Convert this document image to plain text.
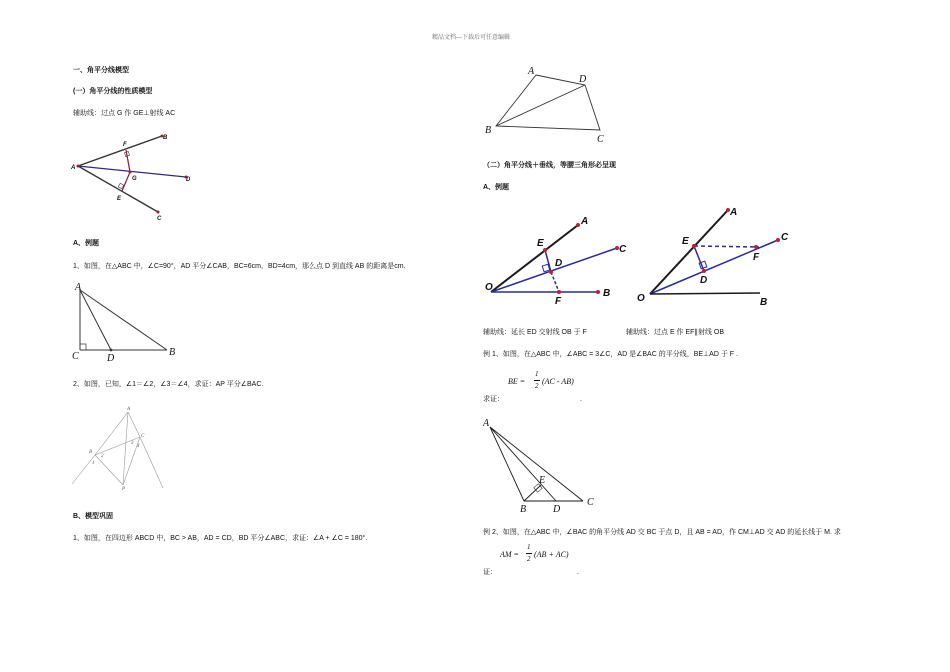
精品文档---下载后可任意编辑
一、角平分线模型
(一）角平分线的性质模型
辅助线：过点 G 作 GE⊥射线 AC
A
B
C
D
E
F
G
A、例题
1、如图，在△ABC 中，∠C=90°，AD 平分∠CAB，BC=6cm，BD=4cm，那么点 D 到直线 AB 的距离是cm.
A
C	D
B
2、如图，已知，∠1＝∠2，∠3＝∠4，求证：AP 平分∠BAC.
A
B
C
P
1
2
3
4
B、模型巩固
1、如图，在四边形 ABCD 中，BC > AB，AD = CD，BD 平分∠ABC，求证：∠A + ∠C = 180°.
A
D
C
B
（二）角平分线＋垂线，等腰三角形必呈现
A、例题
A
C
B
E
D
F
O
A
C
B
E
D
F
O
辅助线：延长 ED 交射线 OB 于 F	辅助线：过点 E 作 EF∥射线 OB
例 1、如图，在△ABC 中，∠ABC = 3∠C，AD 是∠BAC 的平分线，BE⊥AD 于 F .
BE =
1
2 (AC - AB)
求证：	.
A
B	D
C
E
例 2、如图，在△ABC 中，∠BAC 的角平分线 AD 交 BC 于点 D，且 AB = AD，作 CM⊥AD 交 AD 的延长线于 M. 求
AM =
1
2 (AB + AC)
证：	.
